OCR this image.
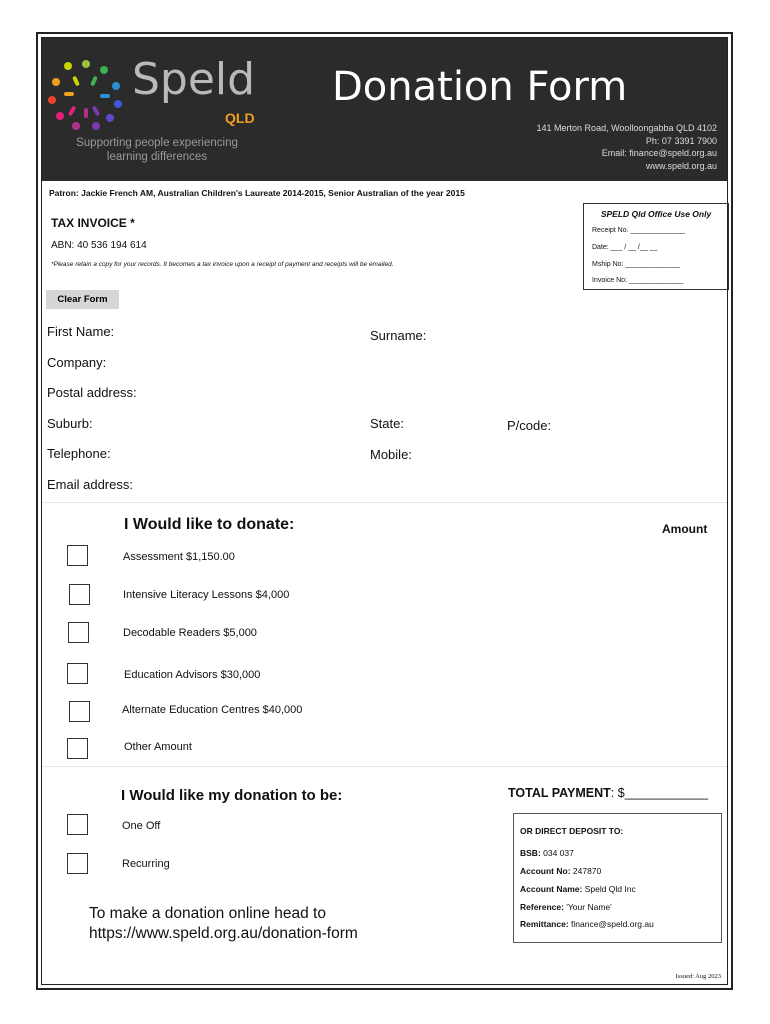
Speld
QLD
Supporting people experiencing learning differences
Donation Form
141 Merton Road, Woolloongabba QLD 4102
Ph: 07 3391 7900
Email: finance@speld.org.au
www.speld.org.au
Patron: Jackie French AM, Australian Children's Laureate 2014-2015, Senior Australian of the year 2015
TAX INVOICE *
ABN: 40 536 194 614
*Please retain a copy for your records. It becomes a tax invoice upon a receipt of payment and receipts will be emailed.
SPELD Qld Office Use Only
Receipt No. ______________
Date: ___ / __ /__ __
Mship No: ______________
Invoice No: ______________
Clear Form
First Name:	Surname:
Company:
Postal address:
Suburb:	State:	P/code:
Telephone:	Mobile:
Email address:
I Would like to donate:	Amount
Assessment $1,150.00
Intensive Literacy Lessons $4,000
Decodable Readers $5,000
Education Advisors $30,000
Alternate Education Centres $40,000
Other Amount
I Would like my donation to be:	TOTAL PAYMENT: $____________
One Off
Recurring
OR DIRECT DEPOSIT TO:
BSB: 034 037
Account No: 247870
Account Name: Speld Qld Inc
Reference: 'Your Name'
Remittance: finance@speld.org.au
To make a donation online head to https://www.speld.org.au/donation-form
Issued: Aug 2023
